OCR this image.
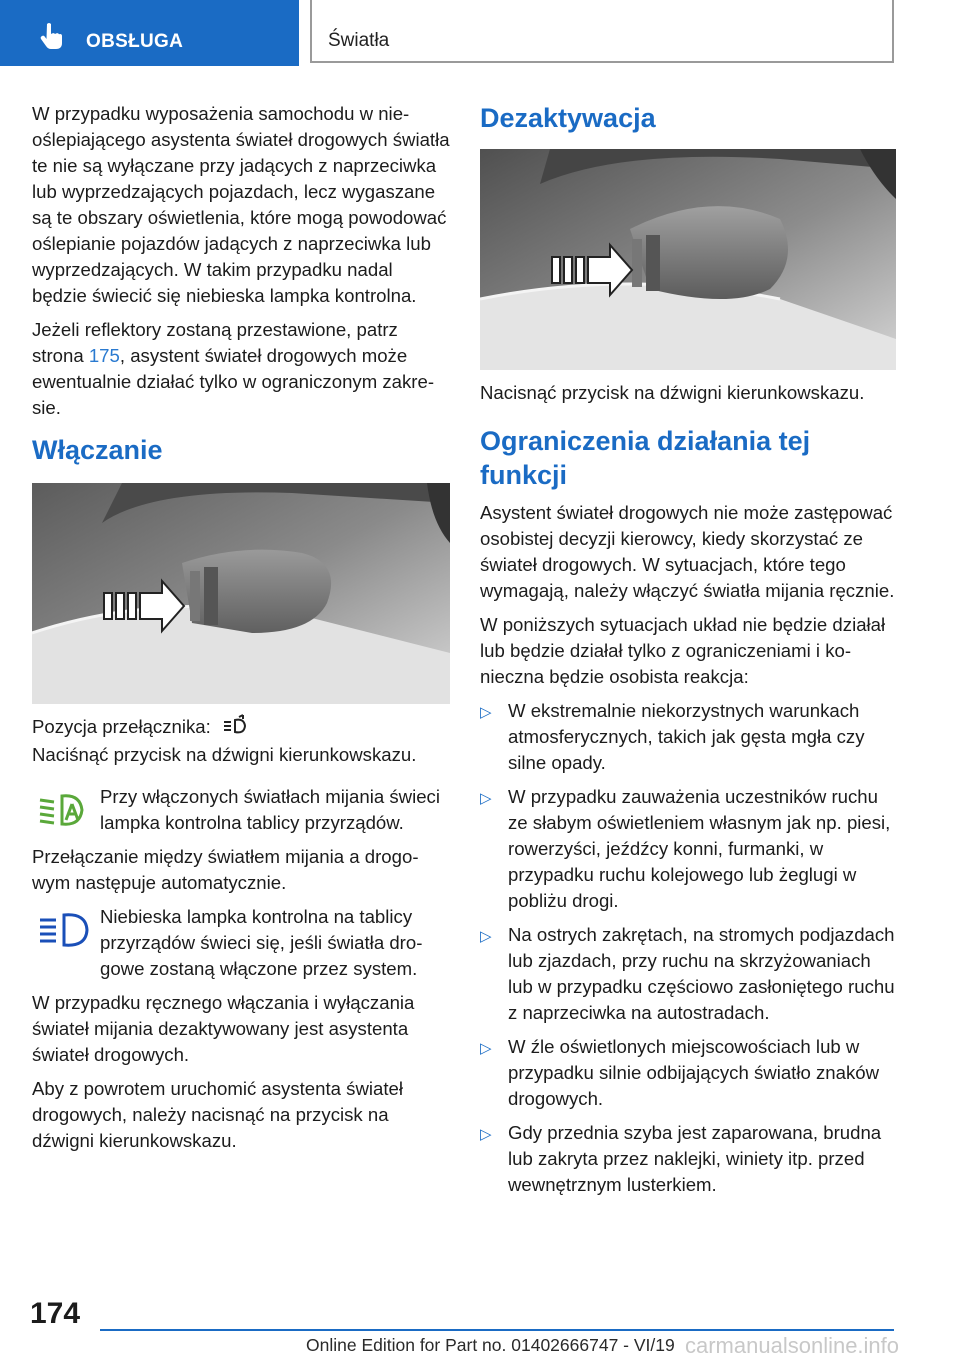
OBSŁUGA	Światła

W przypadku wyposażenia samochodu w nieoślepiającego asystenta świateł drogowych światła te nie są wyłączane przy jadących z naprzeciwka lub wyprzedzających pojazdach, lecz wygaszane są te obszary oświetlenia, które mogą powodować oślepianie pojazdów jadących z naprzeciwka lub wyprzedzających. W takim przypadku nadal będzie świecić się niebieska lampka kontrolna.

Jeżeli reflektory zostaną przestawione, patrz strona 175, asystent świateł drogowych może ewentualnie działać tylko w ograniczonym zakresie.

Włączanie

Pozycja przełącznika:

Naciśnąć przycisk na dźwigni kierunkowskazu.

Przy włączonych światłach mijania świeci lampka kontrolna tablicy przyrządów.

Przełączanie między światłem mijania a drogowym następuje automatycznie.

Niebieska lampka kontrolna na tablicy przyrządów świeci się, jeśli światła drogowe zostaną włączone przez system.

W przypadku ręcznego włączania i wyłączania świateł mijania dezaktywowany jest asystenta świateł drogowych.

Aby z powrotem uruchomić asystenta świateł drogowych, należy nacisnąć na przycisk na dźwigni kierunkowskazu.

Dezaktywacja

Nacisnąć przycisk na dźwigni kierunkowskazu.

Ograniczenia działania tej funkcji

Asystent świateł drogowych nie może zastępować osobistej decyzji kierowcy, kiedy skorzystać ze świateł drogowych. W sytuacjach, które tego wymagają, należy włączyć światła mijania ręcznie.

W poniższych sytuacjach układ nie będzie działał lub będzie działał tylko z ograniczeniami i konieczna będzie osobista reakcja:

▷ W ekstremalnie niekorzystnych warunkach atmosferycznych, takich jak gęsta mgła czy silne opady.
▷ W przypadku zauważenia uczestników ruchu ze słabym oświetleniem własnym jak np. piesi, rowerzyści, jeźdźcy konni, furmanki, w przypadku ruchu kolejowego lub żeglugi w pobliżu drogi.
▷ Na ostrych zakrętach, na stromych podjazdach lub zjazdach, przy ruchu na skrzyżowaniach lub w przypadku częściowo zasłoniętego ruchu z naprzeciwka na autostradach.
▷ W źle oświetlonych miejscowościach lub w przypadku silnie odbijających światło znaków drogowych.
▷ Gdy przednia szyba jest zaparowana, brudna lub zakryta przez naklejki, winiety itp. przed wewnętrznym lusterkiem.
174
Online Edition for Part no. 01402666747 - VI/19 carmanualsonline.info
